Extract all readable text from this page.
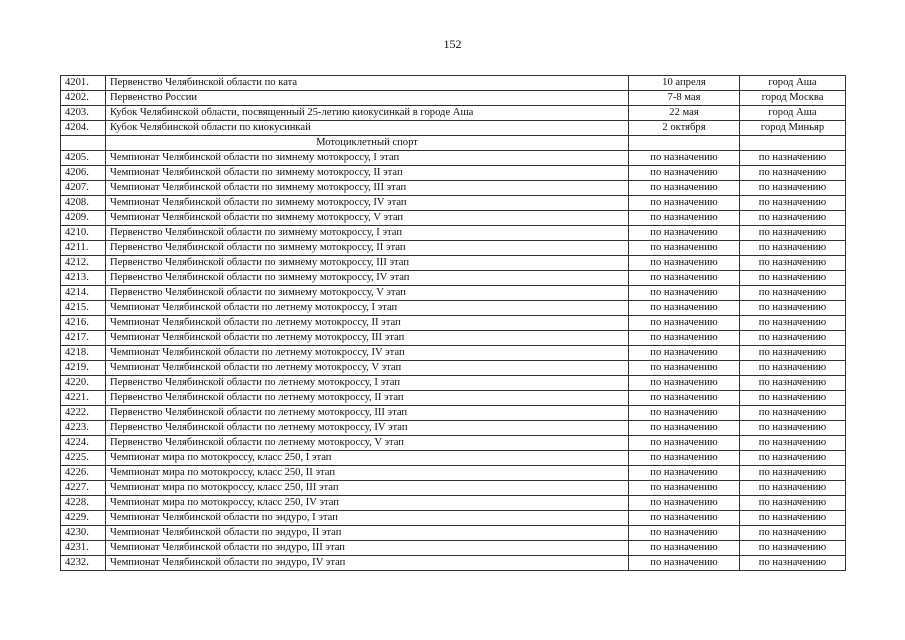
152
4201.	Первенство Челябинской области по ката	10 апреля	город Аша
4202.	Первенство России	7-8 мая	город Москва
4203.	Кубок Челябинской области, посвященный 25-летию киокусинкай в городе Аша	22 мая	город Аша
4204.	Кубок Челябинской области по киокусинкай	2 октября	город Миньяр
	Мотоциклетный спорт		
4205.	Чемпионат Челябинской области по зимнему мотокроссу, I этап	по назначению	по назначению
4206.	Чемпионат Челябинской области по зимнему мотокроссу, II этап	по назначению	по назначению
4207.	Чемпионат Челябинской области по зимнему мотокроссу, III этап	по назначению	по назначению
4208.	Чемпионат Челябинской области по зимнему мотокроссу, IV этап	по назначению	по назначению
4209.	Чемпионат Челябинской области по зимнему мотокроссу, V этап	по назначению	по назначению
4210.	Первенство Челябинской области по зимнему мотокроссу, I этап	по назначению	по назначению
4211.	Первенство Челябинской области по зимнему мотокроссу, II этап	по назначению	по назначению
4212.	Первенство Челябинской области по зимнему мотокроссу, III этап	по назначению	по назначению
4213.	Первенство Челябинской области по зимнему мотокроссу, IV этап	по назначению	по назначению
4214.	Первенство Челябинской области по зимнему мотокроссу, V этап	по назначению	по назначению
4215.	Чемпионат Челябинской области по летнему мотокроссу, I этап	по назначению	по назначению
4216.	Чемпионат Челябинской области по летнему мотокроссу, II этап	по назначению	по назначению
4217.	Чемпионат Челябинской области по летнему мотокроссу, III этап	по назначению	по назначению
4218.	Чемпионат Челябинской области по летнему мотокроссу, IV этап	по назначению	по назначению
4219.	Чемпионат Челябинской области по летнему мотокроссу, V этап	по назначению	по назначению
4220.	Первенство Челябинской области по летнему мотокроссу, I этап	по назначению	по назначению
4221.	Первенство Челябинской области по летнему мотокроссу, II этап	по назначению	по назначению
4222.	Первенство Челябинской области по летнему мотокроссу, III этап	по назначению	по назначению
4223.	Первенство Челябинской области по летнему мотокроссу, IV этап	по назначению	по назначению
4224.	Первенство Челябинской области по летнему мотокроссу, V этап	по назначению	по назначению
4225.	Чемпионат мира по мотокроссу, класс 250, I этап	по назначению	по назначению
4226.	Чемпионат мира по мотокроссу, класс 250, II этап	по назначению	по назначению
4227.	Чемпионат мира по мотокроссу, класс 250, III этап	по назначению	по назначению
4228.	Чемпионат мира по мотокроссу, класс 250, IV этап	по назначению	по назначению
4229.	Чемпионат Челябинской области по эндуро, I этап	по назначению	по назначению
4230.	Чемпионат Челябинской области по эндуро, II этап	по назначению	по назначению
4231.	Чемпионат Челябинской области по эндуро, III этап	по назначению	по назначению
4232.	Чемпионат Челябинской области по эндуро, IV этап	по назначению	по назначению
